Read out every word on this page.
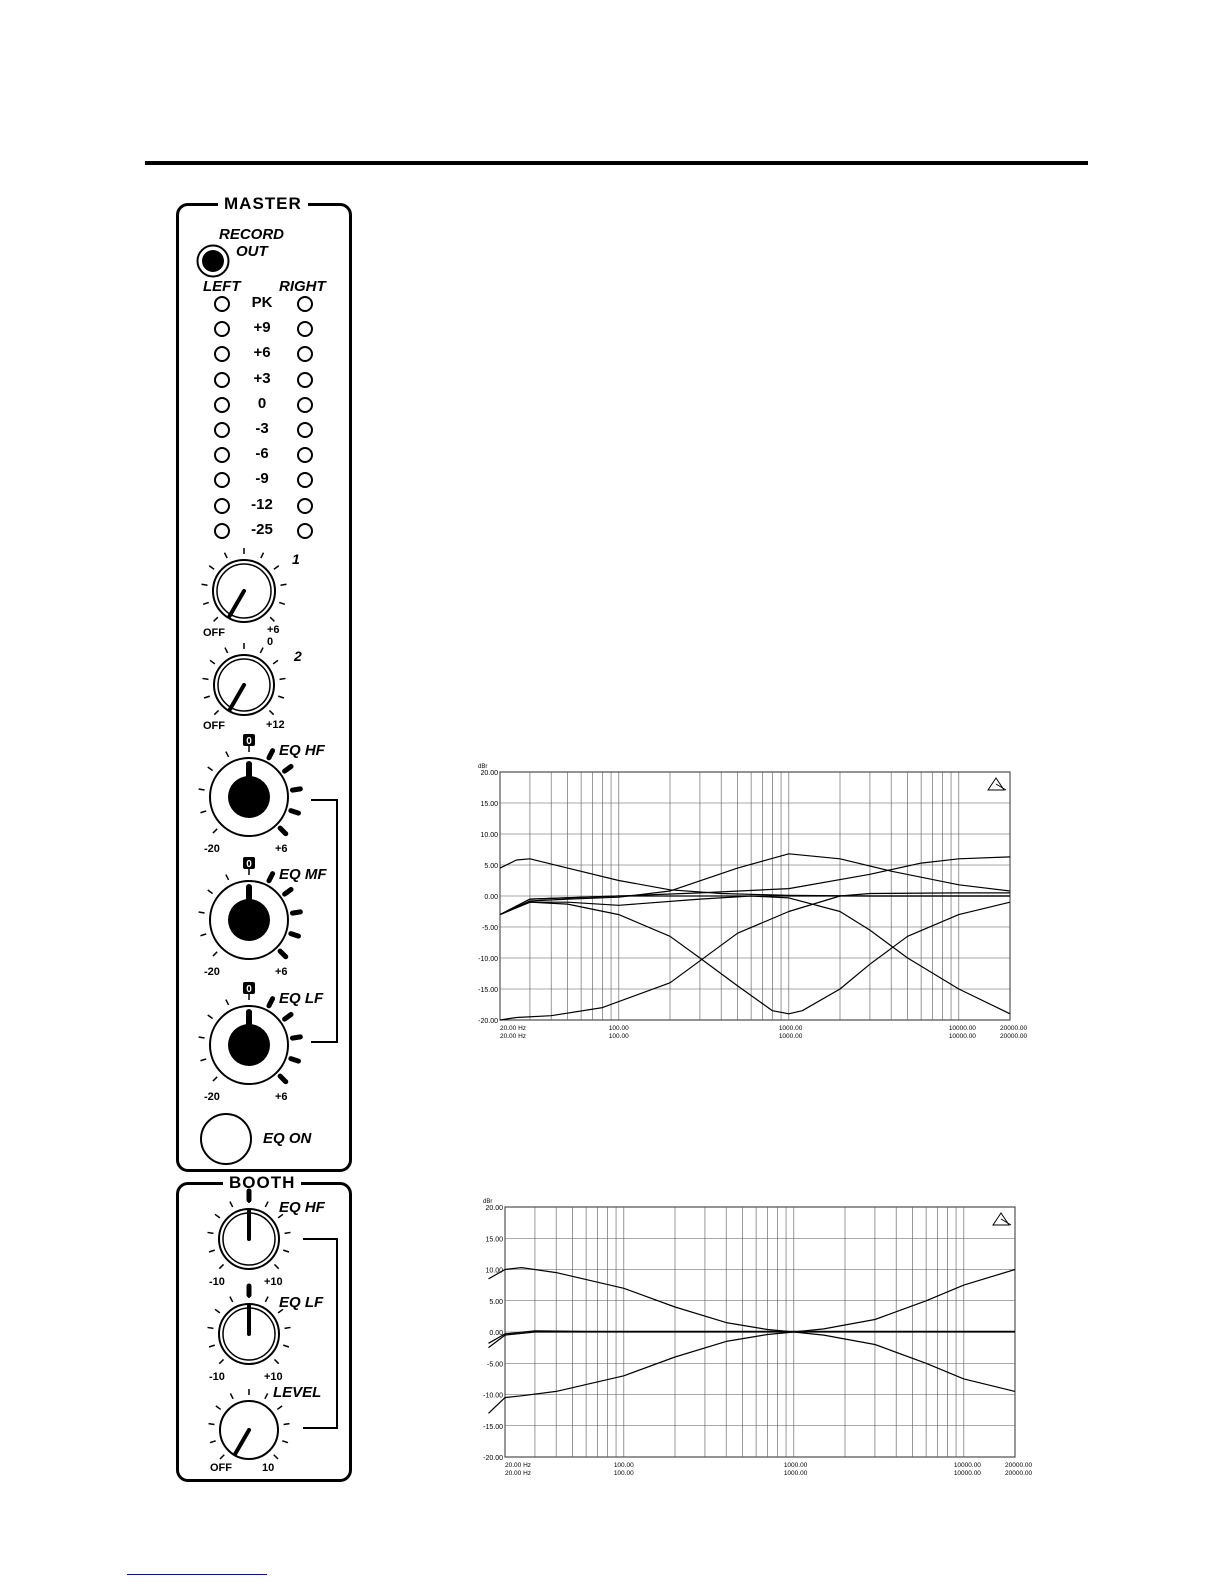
MASTER
RECORD
OUT
LEFT	RIGHT
1
OFF	+6
0
2
OFF	+12
0
EQ HF
-20	+6
0
EQ MF
-20	+6
0
EQ LF
-20	+6
EQ ON
PK
+9
+6
+3
0
-3
-6
-9
-12
-25
BOOTH
EQ HF
-10	+10
EQ LF
-10	+10
LEVEL
OFF	10
20.00
15.00
10.00
5.00
0.00
-5.00
-10.00
-15.00
-20.00
dBr
20.00 Hz
20.00 Hz
100.00
100.00
1000.00
1000.00
10000.00
10000.00
20000.00
20000.00
20.00
15.00
10.00
5.00
0.00
-5.00
-10.00
-15.00
-20.00
dBr
20.00 Hz
20.00 Hz
100.00
100.00
1000.00
1000.00
10000.00
10000.00
20000.00
20000.00
